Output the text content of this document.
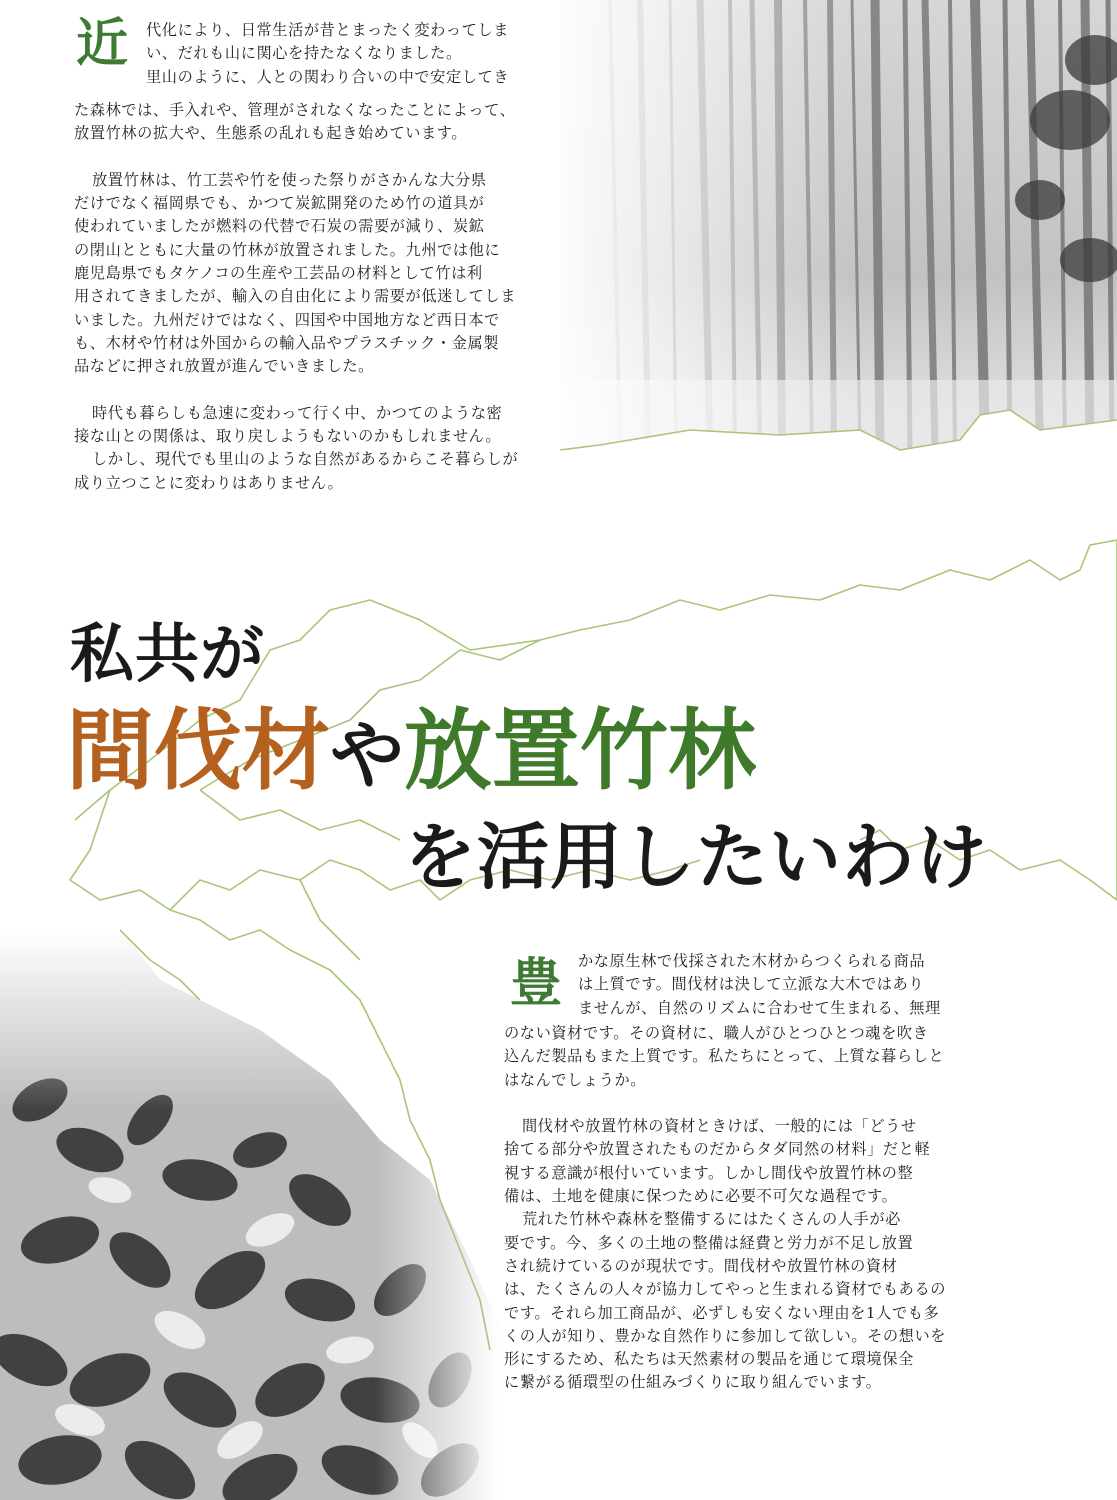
近 代化により、日常生活が昔とまったく変わってしま
い、だれも山に関心を持たなくなりました。
里山のように、人との関わり合いの中で安定してき
た森林では、手入れや、管理がされなくなったことによって、
放置竹林の拡大や、生態系の乱れも起き始めています。

放置竹林は、竹工芸や竹を使った祭りがさかんな大分県
だけでなく福岡県でも、かつて炭鉱開発のため竹の道具が
使われていましたが燃料の代替で石炭の需要が減り、炭鉱
の閉山とともに大量の竹林が放置されました。九州では他に
鹿児島県でもタケノコの生産や工芸品の材料として竹は利
用されてきましたが、輸入の自由化により需要が低迷してしま
いました。九州だけではなく、四国や中国地方など西日本で
も、木材や竹材は外国からの輸入品やプラスチック・金属製
品などに押され放置が進んでいきました。

時代も暮らしも急速に変わって行く中、かつてのような密
接な山との関係は、取り戻しようもないのかもしれません。
しかし、現代でも里山のような自然があるからこそ暮らしが
成り立つことに変わりはありません。
私共が
間伐材や放置竹林
を活用したいわけ
豊 かな原生林で伐採された木材からつくられる商品
は上質です。間伐材は決して立派な大木ではあり
ませんが、自然のリズムに合わせて生まれる、無理
のない資材です。その資材に、職人がひとつひとつ魂を吹き
込んだ製品もまた上質です。私たちにとって、上質な暮らしと
はなんでしょうか。

間伐材や放置竹林の資材ときけば、一般的には「どうせ
捨てる部分や放置されたものだからタダ同然の材料」だと軽
視する意識が根付いています。しかし間伐や放置竹林の整
備は、土地を健康に保つために必要不可欠な過程です。
荒れた竹林や森林を整備するにはたくさんの人手が必
要です。今、多くの土地の整備は経費と労力が不足し放置
され続けているのが現状です。間伐材や放置竹林の資材
は、たくさんの人々が協力してやっと生まれる資材でもあるの
です。それら加工商品が、必ずしも安くない理由を1人でも多
くの人が知り、豊かな自然作りに参加して欲しい。その想いを
形にするため、私たちは天然素材の製品を通じて環境保全
に繋がる循環型の仕組みづくりに取り組んでいます。
